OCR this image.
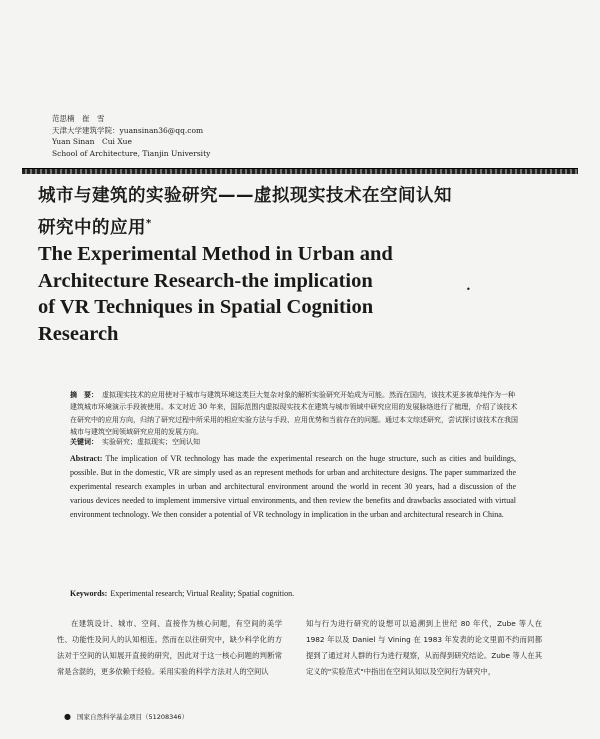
范思楠　崔　雪
天津大学建筑学院：yuansinan36@qq.com
Yuan Sinan　Cui Xue
School of Architecture, Tianjin University
城市与建筑的实验研究——虚拟现实技术在空间认知
研究中的应用*
The Experimental Method in Urban and
Architecture Research-the implication
of VR Techniques in Spatial Cognition
Research
•
摘　要： 虚拟现实技术的应用使对于城市与建筑环境这类巨大复杂对象的解析实验研究开始成为可能。然而在国内，该技术更多被单纯作为一种建筑城市环境演示手段被使用。本文对近 30 年来，国际范围内虚拟现实技术在建筑与城市领域中研究应用的发展脉络进行了梳理，介绍了该技术在研究中的应用方向，归纳了研究过程中所采用的相应实验方法与手段、应用优势和当前存在的问题。通过本文综述研究，尝试探讨该技术在我国城市与建筑空间领域研究应用的发展方向。
关键词： 实验研究；虚拟现实；空间认知
Abstract: The implication of VR technology has made the experimental research on the huge structure, such as cities and buildings, possible. But in the domestic, VR are simply used as an represent methods for urban and architecture designs. The paper summarized the experimental research examples in urban and architectural environment around the world in recent 30 years, had a discussion of the various devices needed to implement immersive virtual environments, and then review the benefits and drawbacks associated with virtual environment technology. We then consider a potential of VR technology in implication in the urban and architectural research in China.
Keywords: Experimental research; Virtual Reality; Spatial cognition.
在建筑设计、城市、空间、直接作为核心问题，有空间的美学性、功能性及问人的认知相连。然而在以往研究中，缺少科学化的方法对于空间的认知展开直接的研究，因此对于这一核心问题的判断常常是含混的，更多依赖于经验。采用实验的科学方法对人的空间认
知与行为进行研究的设想可以追溯到上世纪 80 年代，Zube 等人在 1982 年以及 Daniel 与 Vining 在 1983 年发表的论文里面不约而同都提到了通过对人群的行为进行观察，从而得到研究结论。Zube 等人在其定义的"实验范式"中指出在空间认知以及空间行为研究中，
● 国家自然科学基金项目（51208346）
